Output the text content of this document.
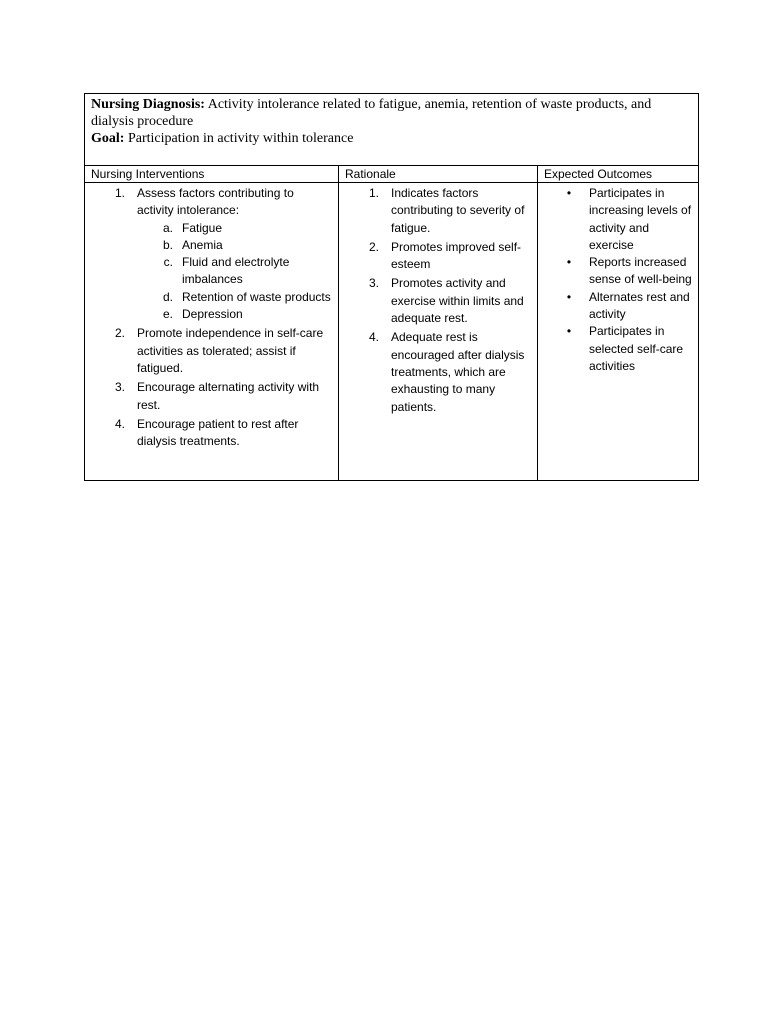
Nursing Diagnosis: Activity intolerance related to fatigue, anemia, retention of waste products, and dialysis procedure

Goal: Participation in activity within tolerance

Nursing Interventions
1. Assess factors contributing to activity intolerance:
a. Fatigue
b. Anemia
c. Fluid and electrolyte imbalances
d. Retention of waste products
e. Depression
2. Promote independence in self-care activities as tolerated; assist if fatigued.
3. Encourage alternating activity with rest.
4. Encourage patient to rest after dialysis treatments.
Rationale
1. Indicates factors contributing to severity of fatigue.
2. Promotes improved self-esteem
3. Promotes activity and exercise within limits and adequate rest.
4. Adequate rest is encouraged after dialysis treatments, which are exhausting to many patients.
Expected Outcomes
• Participates in increasing levels of activity and exercise
• Reports increased sense of well-being
• Alternates rest and activity
• Participates in selected self-care activities
